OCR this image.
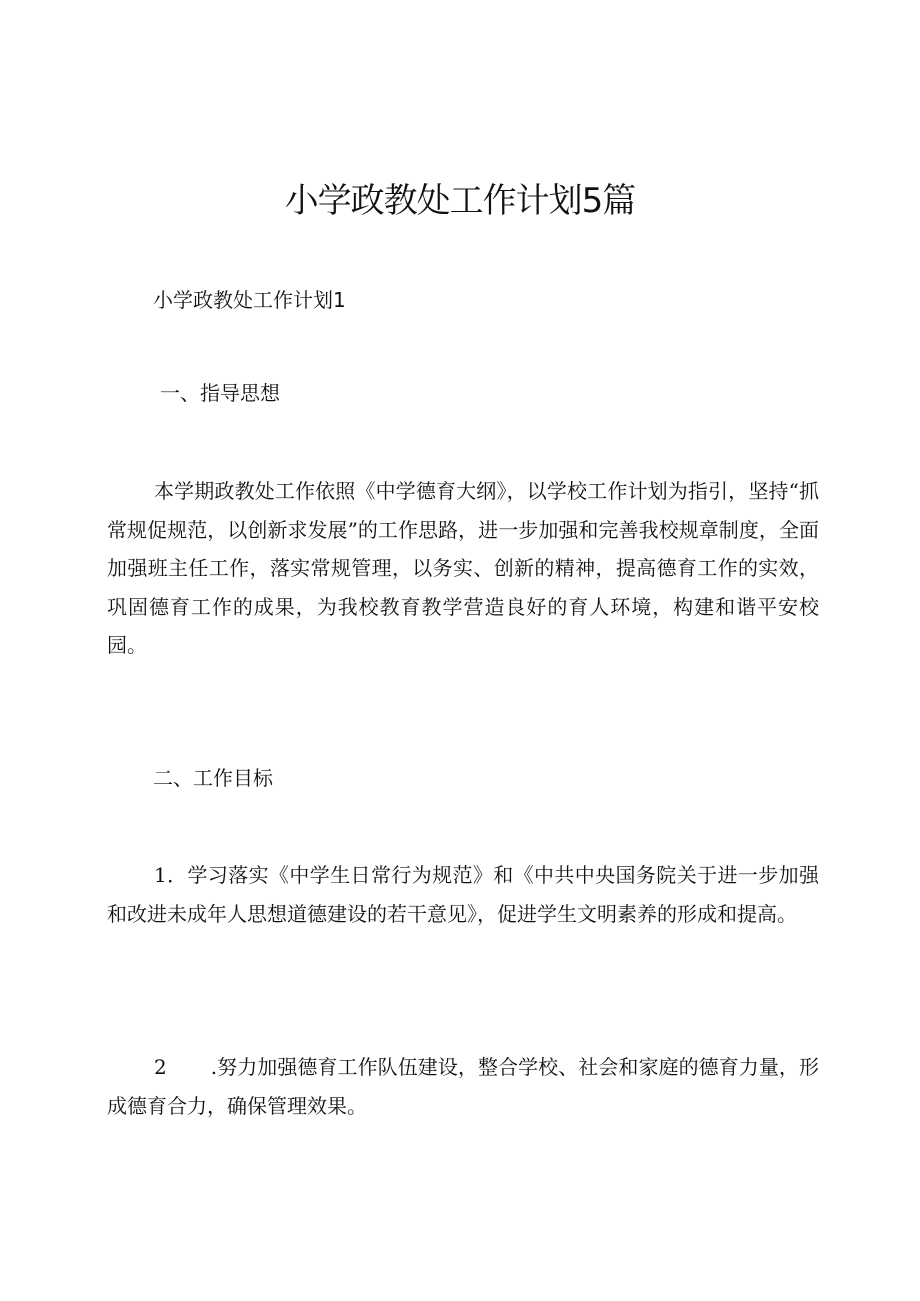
小学政教处工作计划5篇

小学政教处工作计划1

一、指导思想

本学期政教处工作依照《中学德育大纲》，以学校工作计划为指引，坚持“抓常规促规范，以创新求发展”的工作思路，进一步加强和完善我校规章制度，全面加强班主任工作，落实常规管理，以务实、创新的精神，提高德育工作的实效，巩固德育工作的成果，为我校教育教学营造良好的育人环境，构建和谐平安校园。

二、工作目标

1．学习落实《中学生日常行为规范》和《中共中央国务院关于进一步加强和改进未成年人思想道德建设的若干意见》，促进学生文明素养的形成和提高。

2 .努力加强德育工作队伍建设，整合学校、社会和家庭的德育力量，形成德育合力，确保管理效果。
